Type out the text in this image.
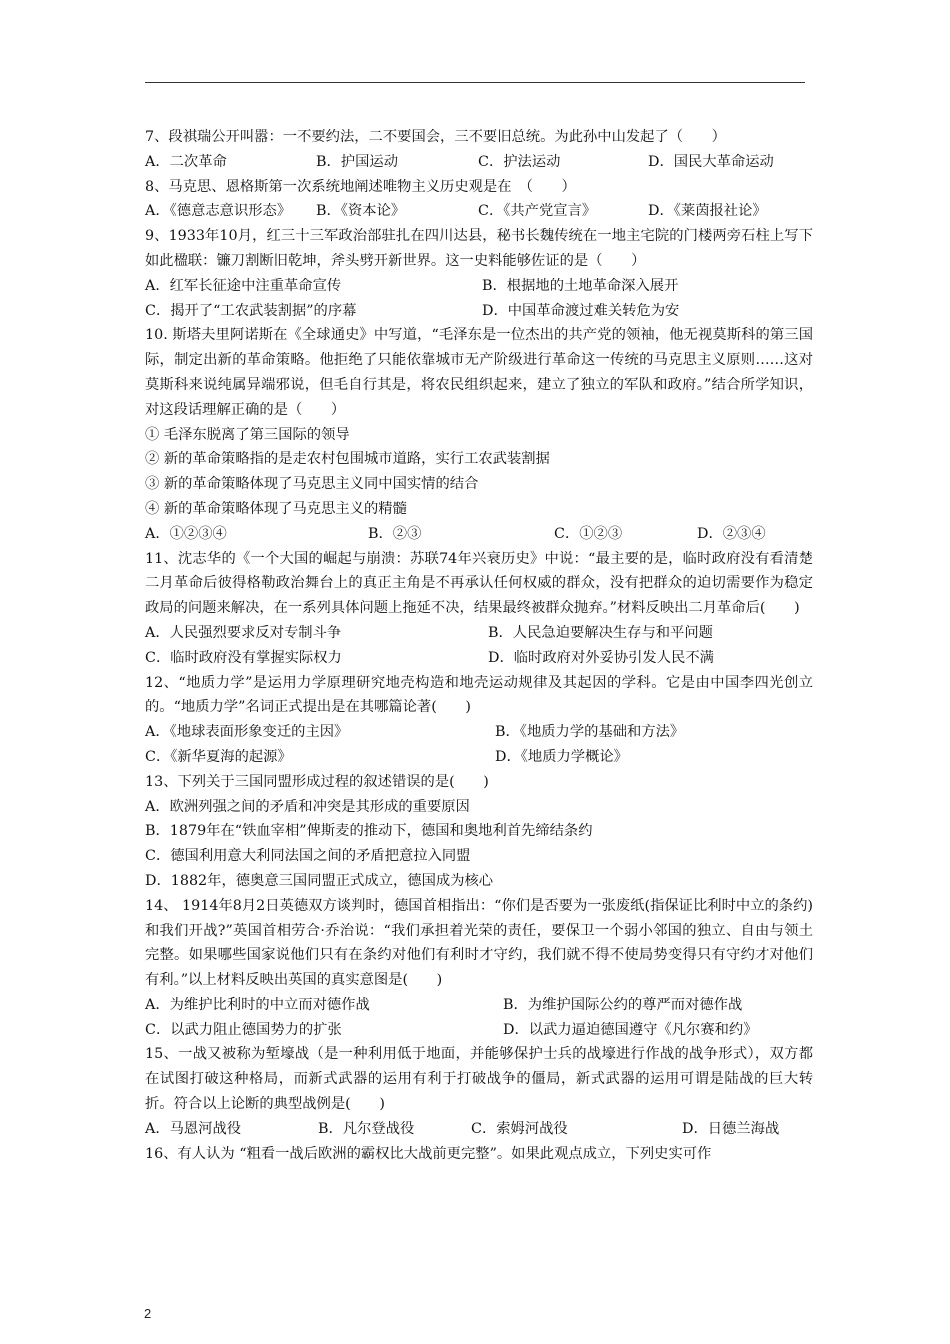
7、段祺瑞公开叫嚣：一不要约法，二不要国会，三不要旧总统。为此孙中山发起了（　　）
A．二次革命	B．护国运动	C．护法运动	D．国民大革命运动
8、马克思、恩格斯第一次系统地阐述唯物主义历史观是在　（　　）
A．《德意志意识形态》	B．《资本论》	C．《共产党宣言》	D．《莱茵报社论》
9、1933年10月，红三十三军政治部驻扎在四川达县，秘书长魏传统在一地主宅院的门楼两旁石柱上写下如此楹联：镰刀割断旧乾坤，斧头劈开新世界。这一史料能够佐证的是（　　）
A．红军长征途中注重革命宣传	B．根据地的土地革命深入展开
C．揭开了“工农武装割据”的序幕	D．中国革命渡过难关转危为安
10. 斯塔夫里阿诺斯在《全球通史》中写道，“毛泽东是一位杰出的共产党的领袖，他无视莫斯科的第三国际，制定出新的革命策略。他拒绝了只能依靠城市无产阶级进行革命这一传统的马克思主义原则……这对莫斯科来说纯属异端邪说，但毛自行其是，将农民组织起来，建立了独立的军队和政府。”结合所学知识，对这段话理解正确的是（　　）
① 毛泽东脱离了第三国际的领导
② 新的革命策略指的是走农村包围城市道路，实行工农武装割据
③ 新的革命策略体现了马克思主义同中国实情的结合
④ 新的革命策略体现了马克思主义的精髓
A．①②③④	B．②③	C．①②③	D．②③④
11、沈志华的《一个大国的崛起与崩溃：苏联74年兴衰历史》中说：“最主要的是，临时政府没有看清楚二月革命后彼得格勒政治舞台上的真正主角是不再承认任何权威的群众，没有把群众的迫切需要作为稳定政局的问题来解决，在一系列具体问题上拖延不决，结果最终被群众抛弃。”材料反映出二月革命后(　　)
A．人民强烈要求反对专制斗争	B．人民急迫要解决生存与和平问题
C．临时政府没有掌握实际权力	D．临时政府对外妥协引发人民不满
12、“地质力学”是运用力学原理研究地壳构造和地壳运动规律及其起因的学科。它是由中国李四光创立的。“地质力学”名词正式提出是在其哪篇论著(　　)
A．《地球表面形象变迁的主因》	B．《地质力学的基础和方法》
C．《新华夏海的起源》	D．《地质力学概论》
13、下列关于三国同盟形成过程的叙述错误的是(　　)
A．欧洲列强之间的矛盾和冲突是其形成的重要原因
B．1879年在“铁血宰相”俾斯麦的推动下，德国和奥地利首先缔结条约
C．德国利用意大利同法国之间的矛盾把意拉入同盟
D．1882年，德奥意三国同盟正式成立，德国成为核心
14、 1914年8月2日英德双方谈判时，德国首相指出：“你们是否要为一张废纸(指保证比利时中立的条约)和我们开战?”英国首相劳合·乔治说：“我们承担着光荣的责任，要保卫一个弱小邻国的独立、自由与领土完整。如果哪些国家说他们只有在条约对他们有利时才守约，我们就不得不使局势变得只有守约才对他们有利。”以上材料反映出英国的真实意图是(　　)
A．为维护比利时的中立而对德作战	B．为维护国际公约的尊严而对德作战
C．以武力阻止德国势力的扩张	D．以武力逼迫德国遵守《凡尔赛和约》
15、一战又被称为堑壕战（是一种利用低于地面，并能够保护士兵的战壕进行作战的战争形式），双方都在试图打破这种格局，而新式武器的运用有利于打破战争的僵局，新式武器的运用可谓是陆战的巨大转折。符合以上论断的典型战例是(　　)
A．马恩河战役	B．凡尔登战役	C．索姆河战役	D．日德兰海战
16、有人认为 “粗看一战后欧洲的霸权比大战前更完整”。如果此观点成立，下列史实可作
2
